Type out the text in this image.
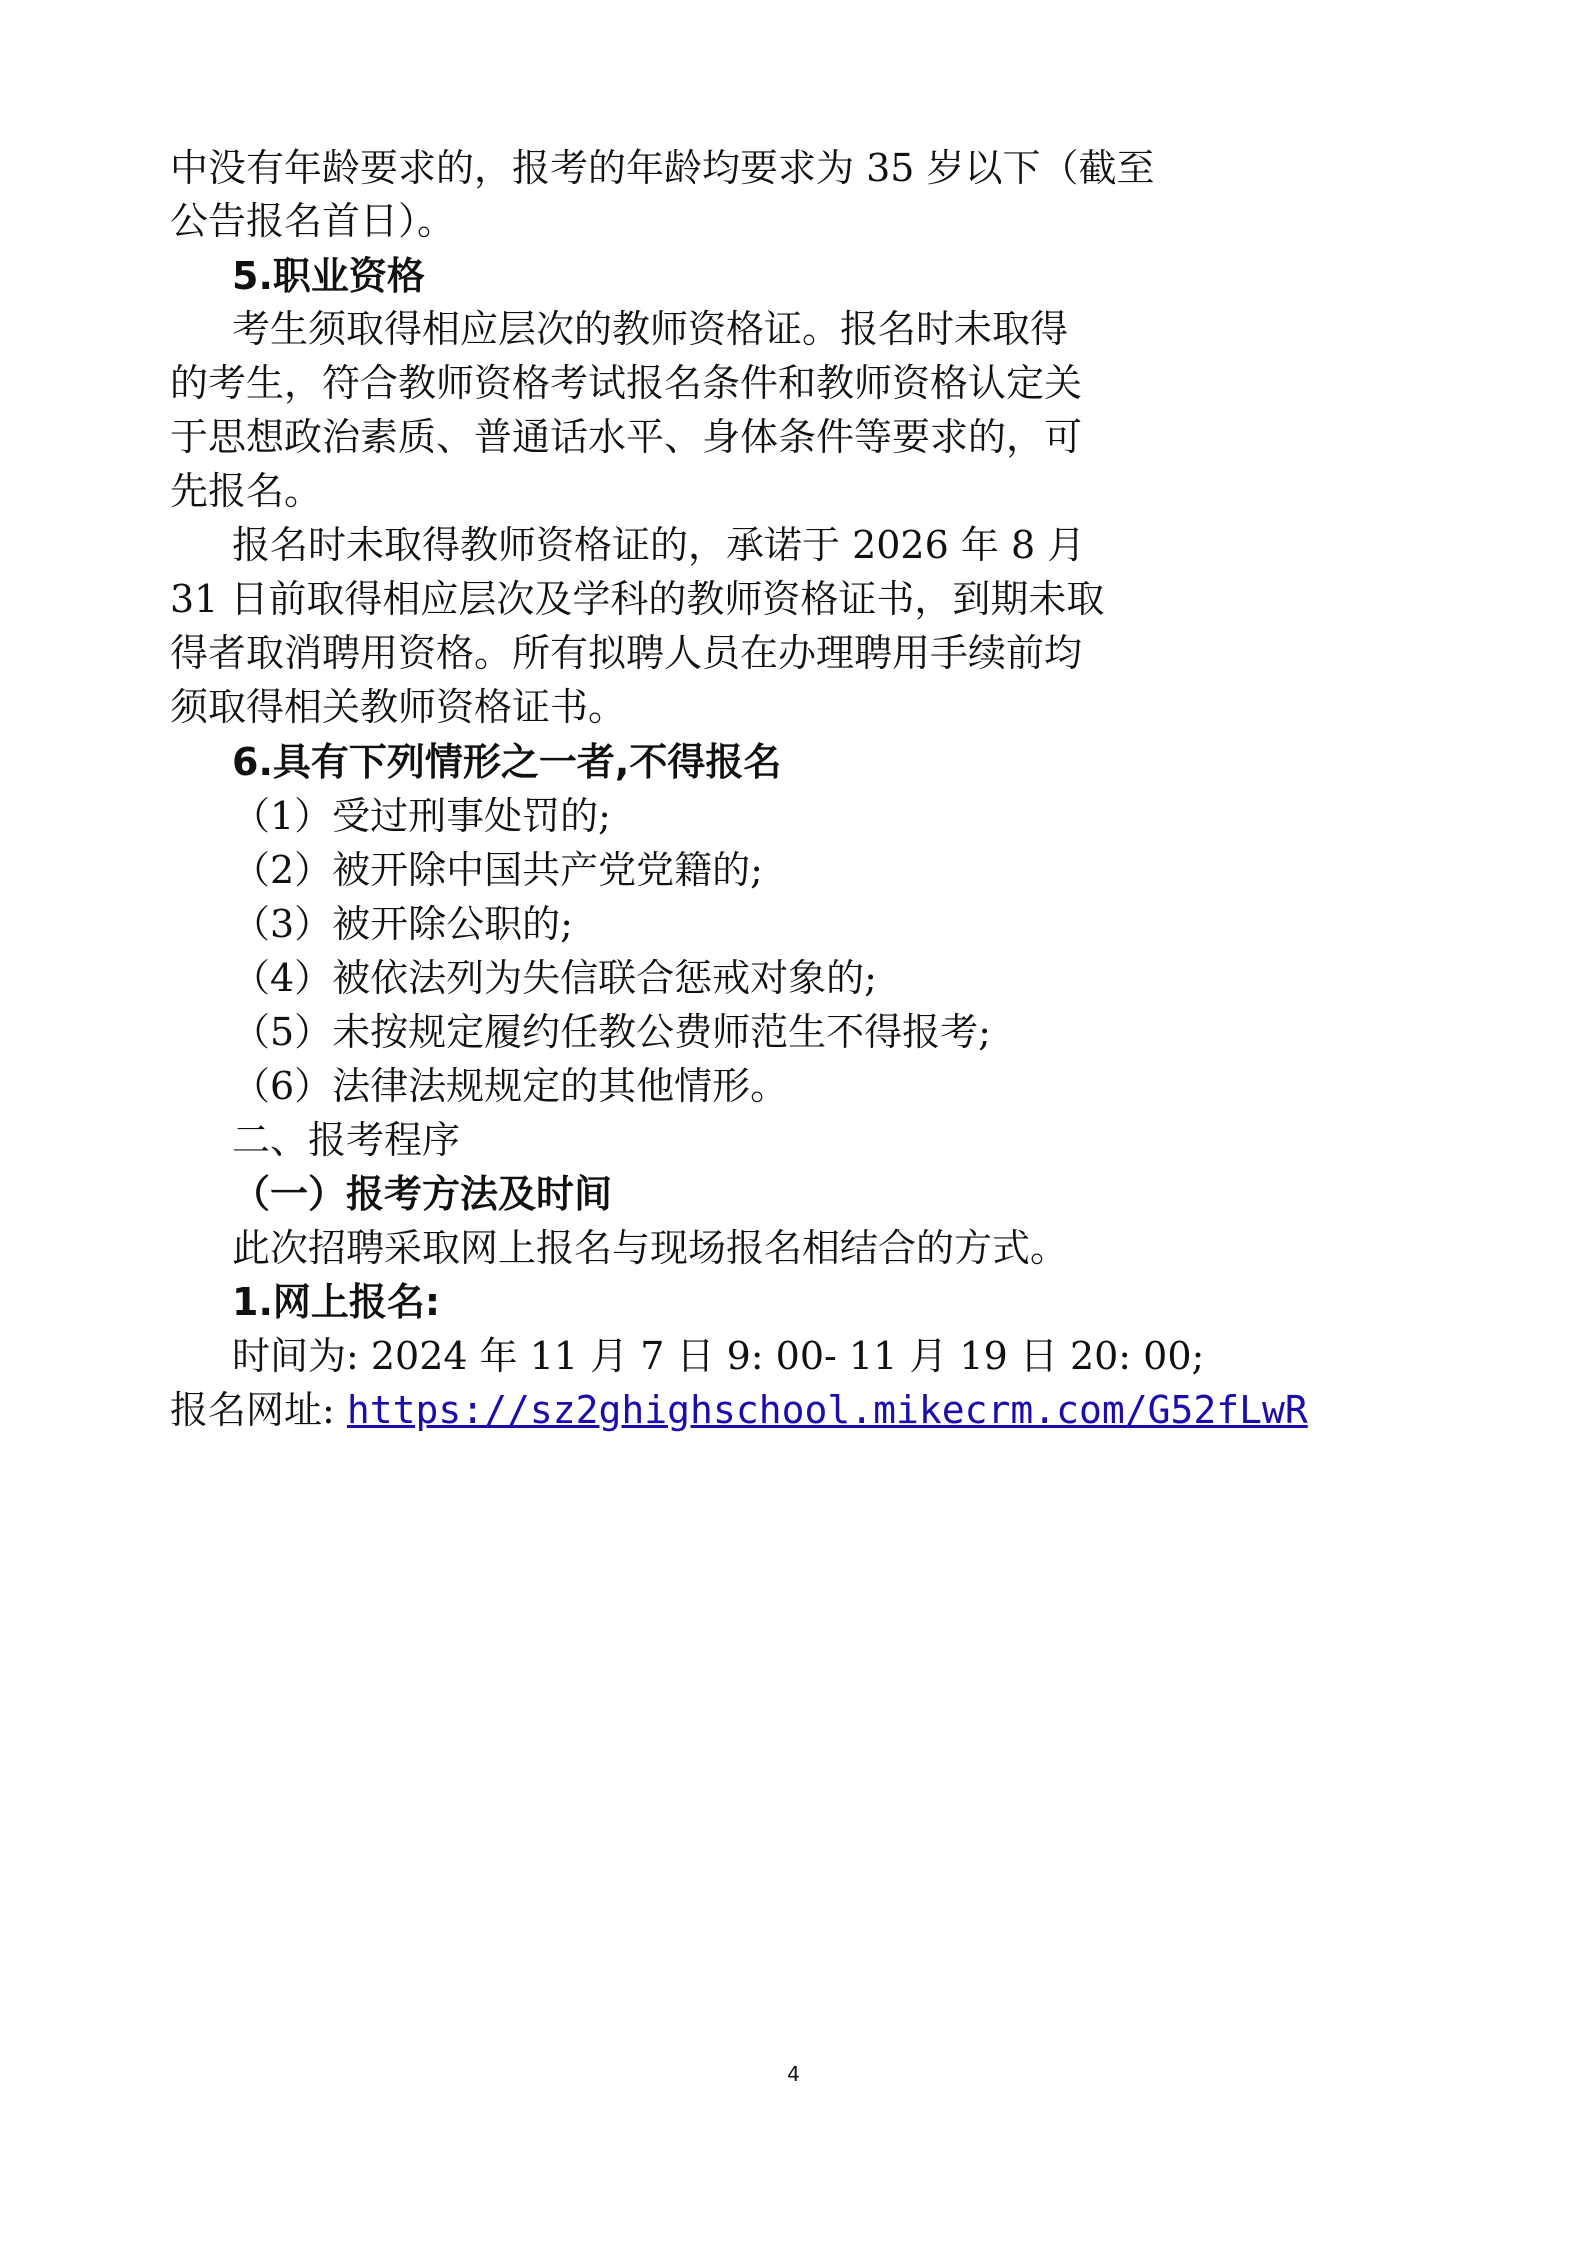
中没有年龄要求的，报考的年龄均要求为 35 岁以下（截至
公告报名首日）。
5.职业资格
考生须取得相应层次的教师资格证。报名时未取得
的考生，符合教师资格考试报名条件和教师资格认定关
于思想政治素质、普通话水平、身体条件等要求的，可
先报名。
报名时未取得教师资格证的，承诺于 2026 年 8 月
31 日前取得相应层次及学科的教师资格证书，到期未取
得者取消聘用资格。所有拟聘人员在办理聘用手续前均
须取得相关教师资格证书。
6.具有下列情形之一者,不得报名
（1）受过刑事处罚的;
（2）被开除中国共产党党籍的;
（3）被开除公职的;
（4）被依法列为失信联合惩戒对象的;
（5）未按规定履约任教公费师范生不得报考;
（6）法律法规规定的其他情形。
二、报考程序
（一）报考方法及时间
此次招聘采取网上报名与现场报名相结合的方式。
1.网上报名:
时间为: 2024 年 11 月 7 日 9: 00- 11 月 19 日 20: 00;
报名网址: https://sz2ghighschool.mikecrm.com/G52fLwR
4
